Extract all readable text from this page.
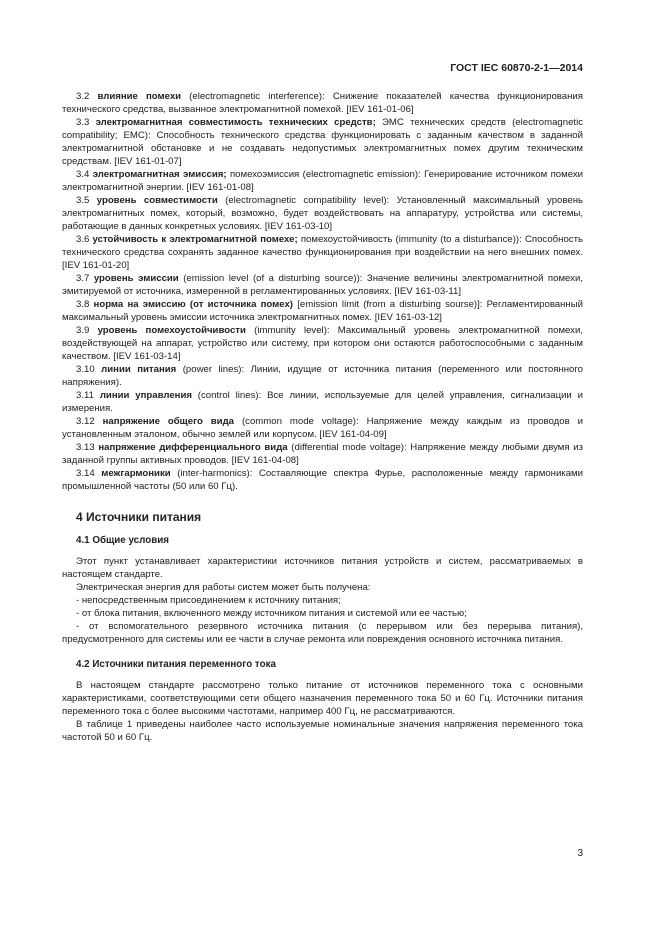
ГОСТ IEC 60870-2-1—2014

3.2 влияние помехи (electromagnetic interference): Снижение показателей качества функционирования технического средства, вызванное электромагнитной помехой. [IEV 161-01-06]

3.3 электромагнитная совместимость технических средств; ЭМС технических средств (electromagnetic compatibility; EMC): Способность технического средства функционировать с заданным качеством в заданной электромагнитной обстановке и не создавать недопустимых электромагнитных помех другим техническим средствам. [IEV 161-01-07]

3.4 электромагнитная эмиссия; помехоэмиссия (electromagnetic emission): Генерирование источником помехи электромагнитной энергии. [IEV 161-01-08]

3.5 уровень совместимости (electromagnetic compatibility level): Установленный максимальный уровень электромагнитных помех, который, возможно, будет воздействовать на аппаратуру, устройства или системы, работающие в данных конкретных условиях. [IEV 161-03-10]

3.6 устойчивость к электромагнитной помехе; помехоустойчивость (immunity (to a disturbance)): Способность технического средства сохранять заданное качество функционирования при воздействии на него внешних помех. [IEV 161-01-20]

3.7 уровень эмиссии (emission level (of a disturbing source)): Значение величины электромагнитной помехи, эмитируемой от источника, измеренной в регламентированных условиях. [IEV 161-03-11]

3.8 норма на эмиссию (от источника помех) [emission limit (from a disturbing sourse)]: Регламентированный максимальный уровень эмиссии источника электромагнитных помех. [IEV 161-03-12]

3.9 уровень помехоустойчивости (immunity level): Максимальный уровень электромагнитной помехи, воздействующей на аппарат, устройство или систему, при котором они остаются работоспособными с заданным качеством. [IEV 161-03-14]

3.10 линии питания (power lines): Линии, идущие от источника питания (переменного или постоянного напряжения).

3.11 линии управления (control lines): Все линии, используемые для целей управления, сигнализации и измерения.

3.12 напряжение общего вида (common mode voltage): Напряжение между каждым из проводов и установленным эталоном, обычно землей или корпусом. [IEV 161-04-09]

3.13 напряжение дифференциального вида (differential mode voltage): Напряжение между любыми двумя из заданной группы активных проводов. [IEV 161-04-08]

3.14 межгармоники (inter-harmonics): Составляющие спектра Фурье, расположенные между гармониками промышленной частоты (50 или 60 Гц).

4 Источники питания
4.1 Общие условия

Этот пункт устанавливает характеристики источников питания устройств и систем, рассматриваемых в настоящем стандарте.

Электрическая энергия для работы систем может быть получена:

- непосредственным присоединением к источнику питания;

- от блока питания, включенного между источником питания и системой или ее частью;

- от вспомогательного резервного источника питания (с перерывом или без перерыва питания), предусмотренного для системы или ее части в случае ремонта или повреждения основного источника питания.

4.2 Источники питания переменного тока

В настоящем стандарте рассмотрено только питание от источников переменного тока с основными характеристиками, соответствующими сети общего назначения переменного тока 50 и 60 Гц. Источники питания переменного тока с более высокими частотами, например 400 Гц, не рассматриваются.

В таблице 1 приведены наиболее часто используемые номинальные значения напряжения переменного тока частотой 50 и 60 Гц.

3
